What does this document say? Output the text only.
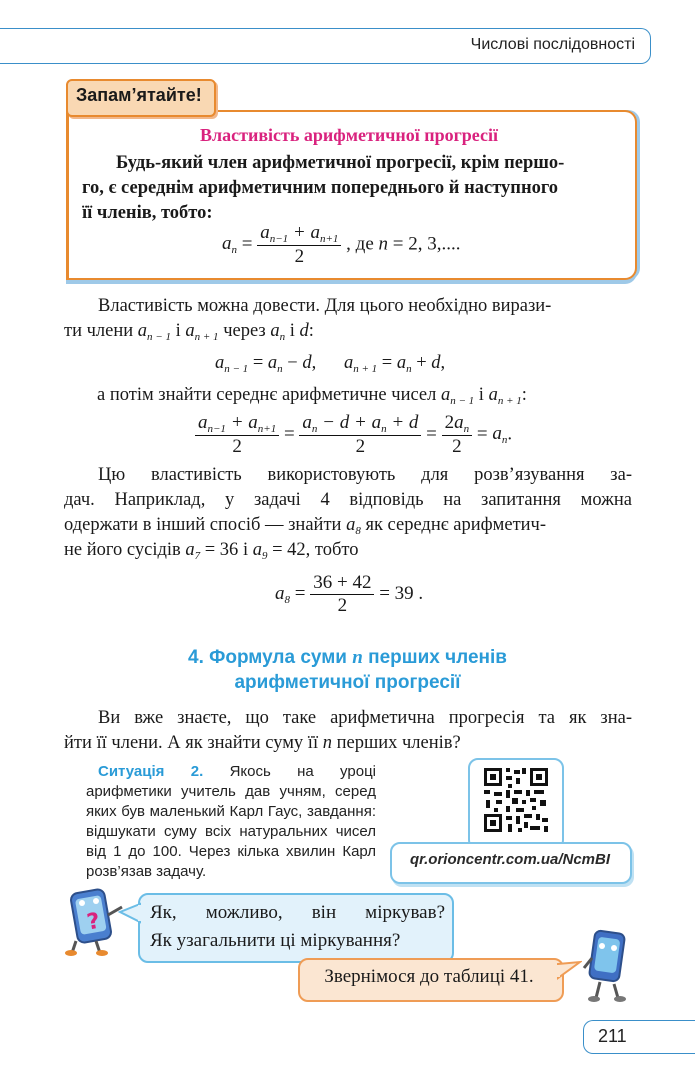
Числові послідовності
Запам’ятайте!
Властивість арифметичної прогресії
Будь-який член арифметичної прогресії, крім першо-
го, є середнім арифметичним попереднього й наступного
її членів, тобто:
$a_n = \frac{a_{n-1} + a_{n+1}}{2}$ , де n = 2, 3,....
Властивість можна довести. Для цього необхідно вирази-
ти члени $a_{n - 1}$ і $a_{n + 1}$ через $a_n$ і d:
$a_{n - 1} = a_n - d$,      $a_{n + 1} = a_n + d$,
а потім знайти середнє арифметичне чисел $a_{n - 1}$ і $a_{n + 1}$:
$\frac{a_{n-1} + a_{n+1}}{2} = \frac{a_n - d + a_n + d}{2} = \frac{2a_n}{2} = a_n$.
Цю властивість використовують для розв’язування за-
дач. Наприклад, у задачі 4 відповідь на запитання можна
одержати в інший спосіб — знайти $a_8$ як середнє арифметич-
не його сусідів $a_7 = 36$ і $a_9 = 42$, тобто
$a_8 = \frac{36 + 42}{2} = 39$ .
4. Формула суми n перших членів
арифметичної прогресії
Ви вже знаєте, що таке арифметична прогресія та як зна-
йти її члени. А як знайти суму її n перших членів?
Ситуація 2. Якось на уроці арифметики учитель дав учням, серед яких був маленький Карл Гаус, завдання: відшукати суму всіх натуральних чисел від 1 до 100. Через кілька хвилин Карл розв’язав задачу.
qr.orioncentr.com.ua/NcmBI
?	Як, можливо, він міркував?
Як узагальнити ці міркування?
Звернімося до таблиці 41.
211
